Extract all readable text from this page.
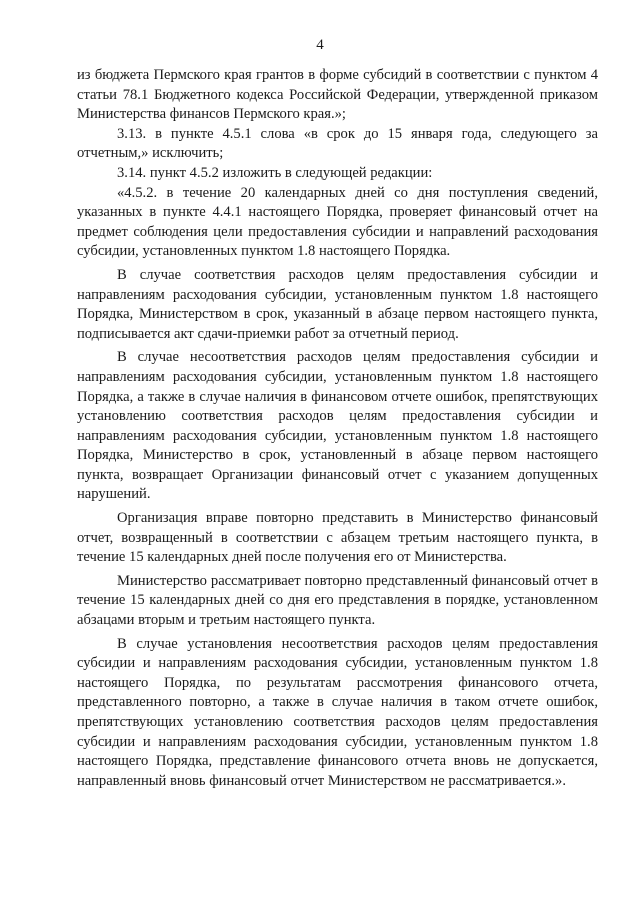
4

из бюджета Пермского края грантов в форме субсидий в соответствии с пунктом 4 статьи 78.1 Бюджетного кодекса Российской Федерации, утвержденной приказом Министерства финансов Пермского края.»;

3.13. в пункте 4.5.1 слова «в срок до 15 января года, следующего за отчетным,» исключить;

3.14. пункт 4.5.2 изложить в следующей редакции:

«4.5.2. в течение 20 календарных дней со дня поступления сведений, указанных в пункте 4.4.1 настоящего Порядка, проверяет финансовый отчет на предмет соблюдения цели предоставления субсидии и направлений расходования субсидии, установленных пунктом 1.8 настоящего Порядка.

В случае соответствия расходов целям предоставления субсидии и направлениям расходования субсидии, установленным пунктом 1.8 настоящего Порядка, Министерством в срок, указанный в абзаце первом настоящего пункта, подписывается акт сдачи-приемки работ за отчетный период.

В случае несоответствия расходов целям предоставления субсидии и направлениям расходования субсидии, установленным пунктом 1.8 настоящего Порядка, а также в случае наличия в финансовом отчете ошибок, препятствующих установлению соответствия расходов целям предоставления субсидии и направлениям расходования субсидии, установленным пунктом 1.8 настоящего Порядка, Министерство в срок, установленный в абзаце первом настоящего пункта, возвращает Организации финансовый отчет с указанием допущенных нарушений.

Организация вправе повторно представить в Министерство финансовый отчет, возвращенный в соответствии с абзацем третьим настоящего пункта, в течение 15 календарных дней после получения его от Министерства.

Министерство рассматривает повторно представленный финансовый отчет в течение 15 календарных дней со дня его представления в порядке, установленном абзацами вторым и третьим настоящего пункта.

В случае установления несоответствия расходов целям предоставления субсидии и направлениям расходования субсидии, установленным пунктом 1.8 настоящего Порядка, по результатам рассмотрения финансового отчета, представленного повторно, а также в случае наличия в таком отчете ошибок, препятствующих установлению соответствия расходов целям предоставления субсидии и направлениям расходования субсидии, установленным пунктом 1.8 настоящего Порядка, представление финансового отчета вновь не допускается, направленный вновь финансовый отчет Министерством не рассматривается.».
